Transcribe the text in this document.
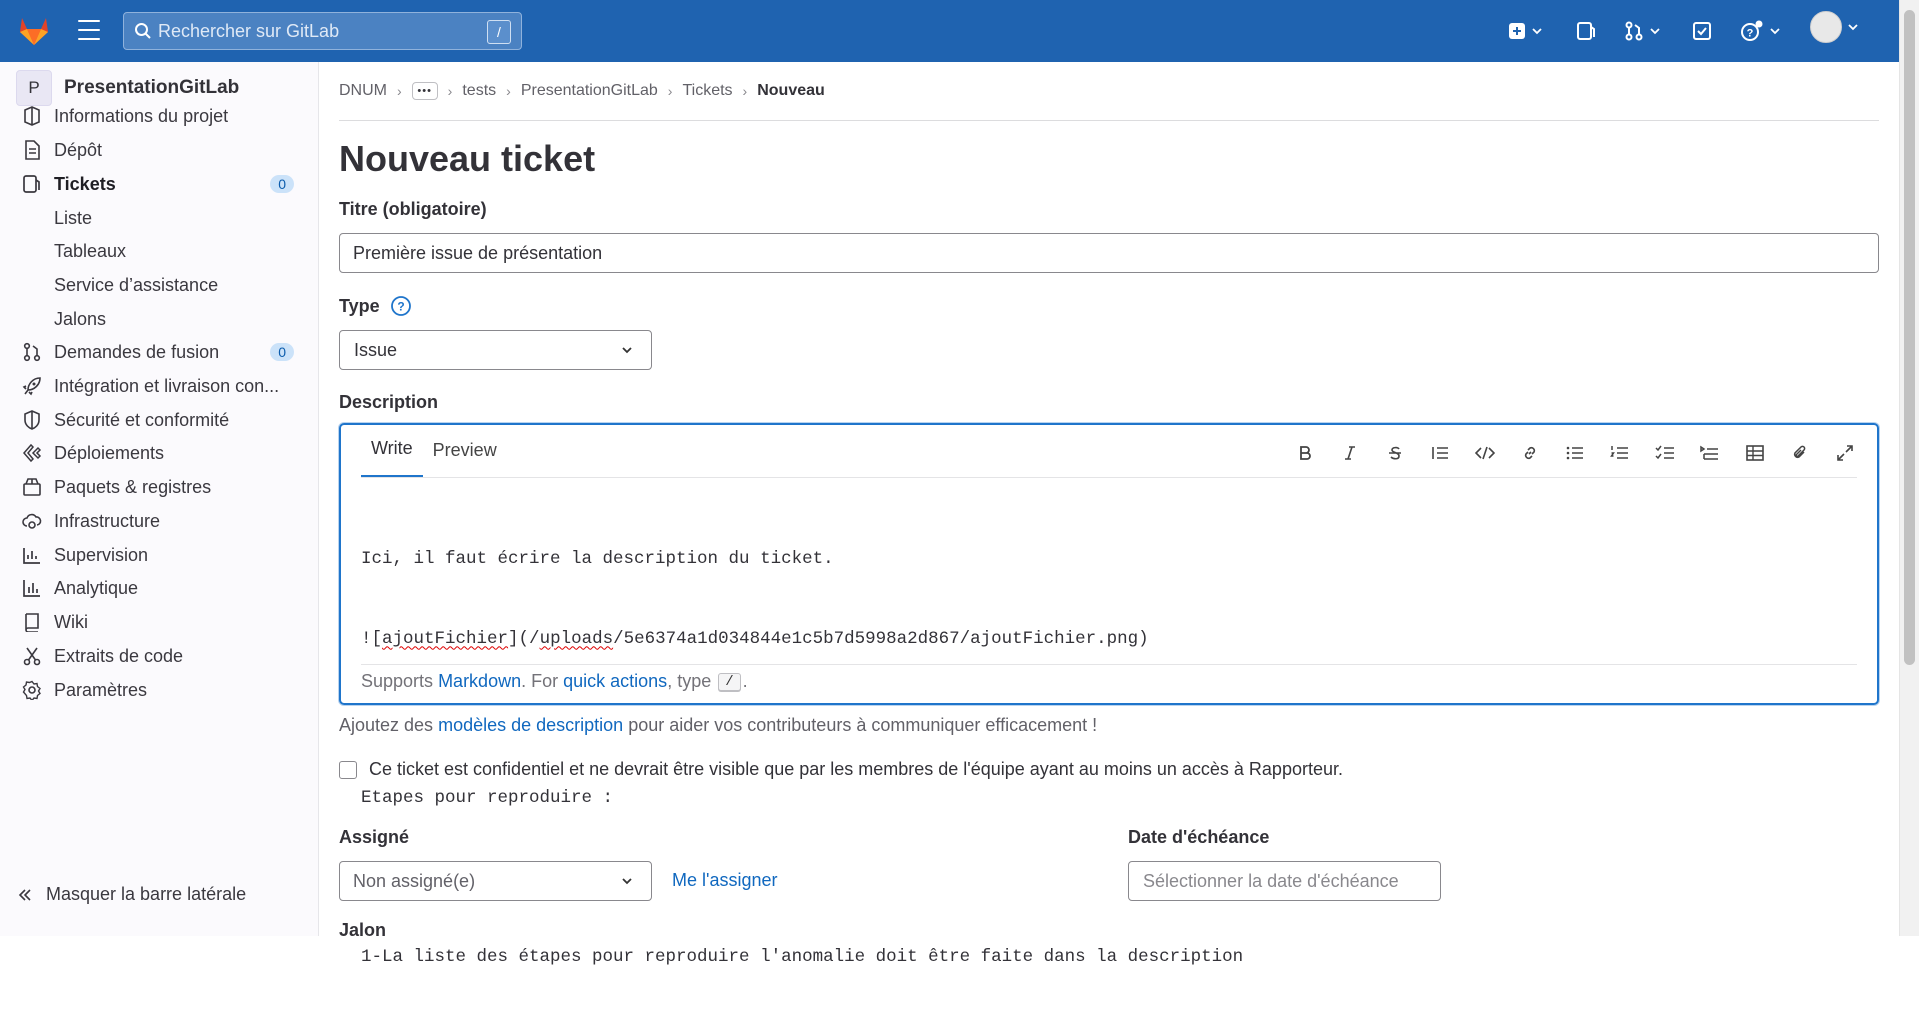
Rechercher sur GitLab	/	?
P	PresentationGitLab
Informations du projet
Dépôt
Tickets	0
Liste
Tableaux
Service d’assistance
Jalons
Demandes de fusion	0
Intégration et livraison con...
Sécurité et conformité
Déploiements
Paquets & registres
Infrastructure
Supervision
Analytique
Wiki
Extraits de code
Paramètres
Masquer la barre latérale
DNUM ›	•••	› tests › PresentationGitLab › Tickets › Nouveau
Nouveau ticket
Titre (obligatoire)
Première issue de présentation
Type ?
Issue
Description
Write	Preview

Ici, il faut écrire la description du ticket.

![ajoutFichier](/uploads/5e6374a1d034844e1c5b7d5998a2d867/ajoutFichier.png)

Etapes pour reproduire :

1-La liste des étapes pour reproduire l'anomalie doit être faite dans la description

Supports
Markdown . For
quick actions , type
	/ .
Ajoutez des modèles de description pour aider vos contributeurs à communiquer efficacement !
Ce ticket est confidentiel et ne devrait être visible que par les membres de l'équipe ayant au moins un accès à Rapporteur.
Assigné
Non assigné(e)	Me l'assigner
Date d'échéance
Sélectionner la date d'échéance
Jalon
